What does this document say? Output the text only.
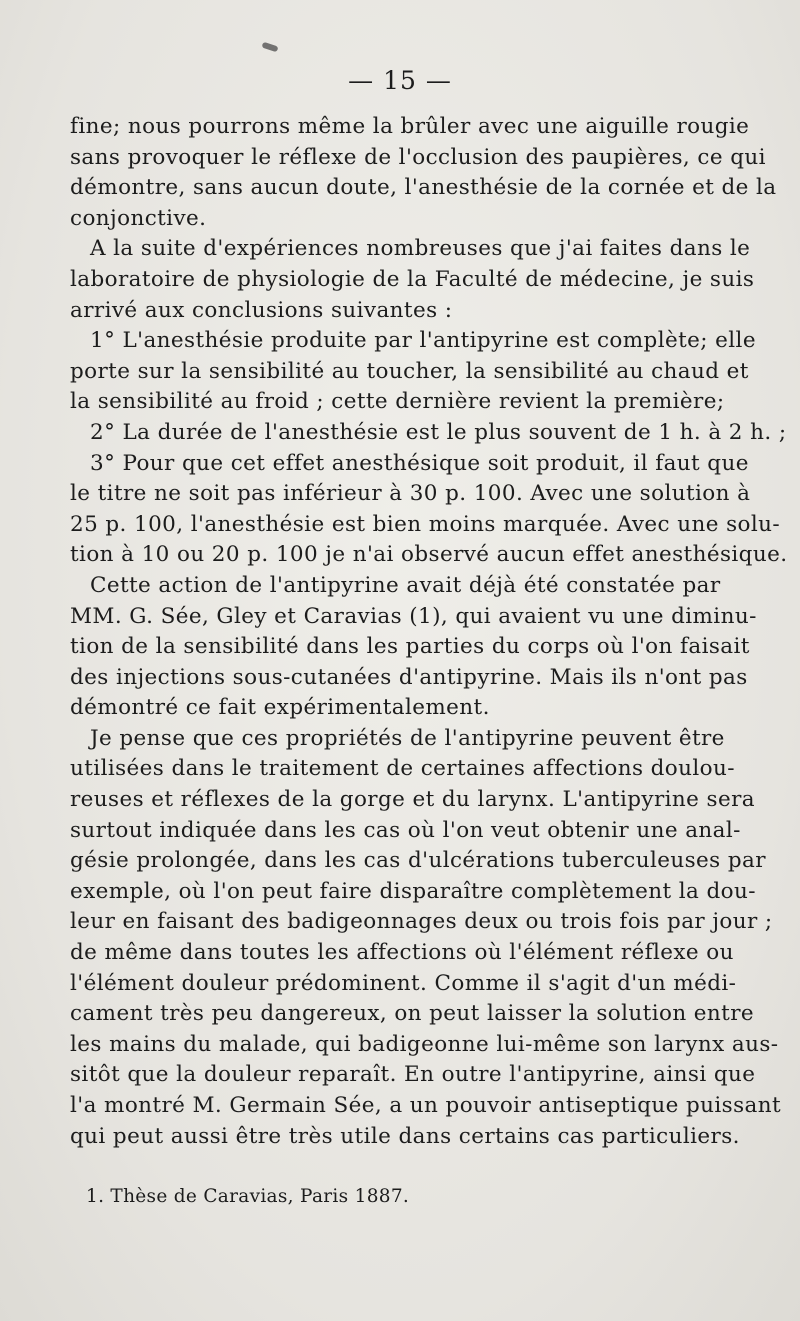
— 15 —

fine; nous pourrons même la brûler avec une aiguille rougie
sans provoquer le réflexe de l'occlusion des paupières, ce qui
démontre, sans aucun doute, l'anesthésie de la cornée et de la
conjonctive.

A la suite d'expériences nombreuses que j'ai faites dans le
laboratoire de physiologie de la Faculté de médecine, je suis
arrivé aux conclusions suivantes :

1° L'anesthésie produite par l'antipyrine est complète; elle
porte sur la sensibilité au toucher, la sensibilité au chaud et
la sensibilité au froid ; cette dernière revient la première;

2° La durée de l'anesthésie est le plus souvent de 1 h. à 2 h. ;

3° Pour que cet effet anesthésique soit produit, il faut que
le titre ne soit pas inférieur à 30 p. 100. Avec une solution à
25 p. 100, l'anesthésie est bien moins marquée. Avec une solu-
tion à 10 ou 20 p. 100 je n'ai observé aucun effet anesthésique.

Cette action de l'antipyrine avait déjà été constatée par
MM. G. Sée, Gley et Caravias (1), qui avaient vu une diminu-
tion de la sensibilité dans les parties du corps où l'on faisait
des injections sous-cutanées d'antipyrine. Mais ils n'ont pas
démontré ce fait expérimentalement.

Je pense que ces propriétés de l'antipyrine peuvent être
utilisées dans le traitement de certaines affections doulou-
reuses et réflexes de la gorge et du larynx. L'antipyrine sera
surtout indiquée dans les cas où l'on veut obtenir une anal-
gésie prolongée, dans les cas d'ulcérations tuberculeuses par
exemple, où l'on peut faire disparaître complètement la dou-
leur en faisant des badigeonnages deux ou trois fois par jour ;
de même dans toutes les affections où l'élément réflexe ou
l'élément douleur prédominent. Comme il s'agit d'un médi-
cament très peu dangereux, on peut laisser la solution entre
les mains du malade, qui badigeonne lui-même son larynx aus-
sitôt que la douleur reparaît. En outre l'antipyrine, ainsi que
l'a montré M. Germain Sée, a un pouvoir antiseptique puissant
qui peut aussi être très utile dans certains cas particuliers.

1. Thèse de Caravias, Paris 1887.
